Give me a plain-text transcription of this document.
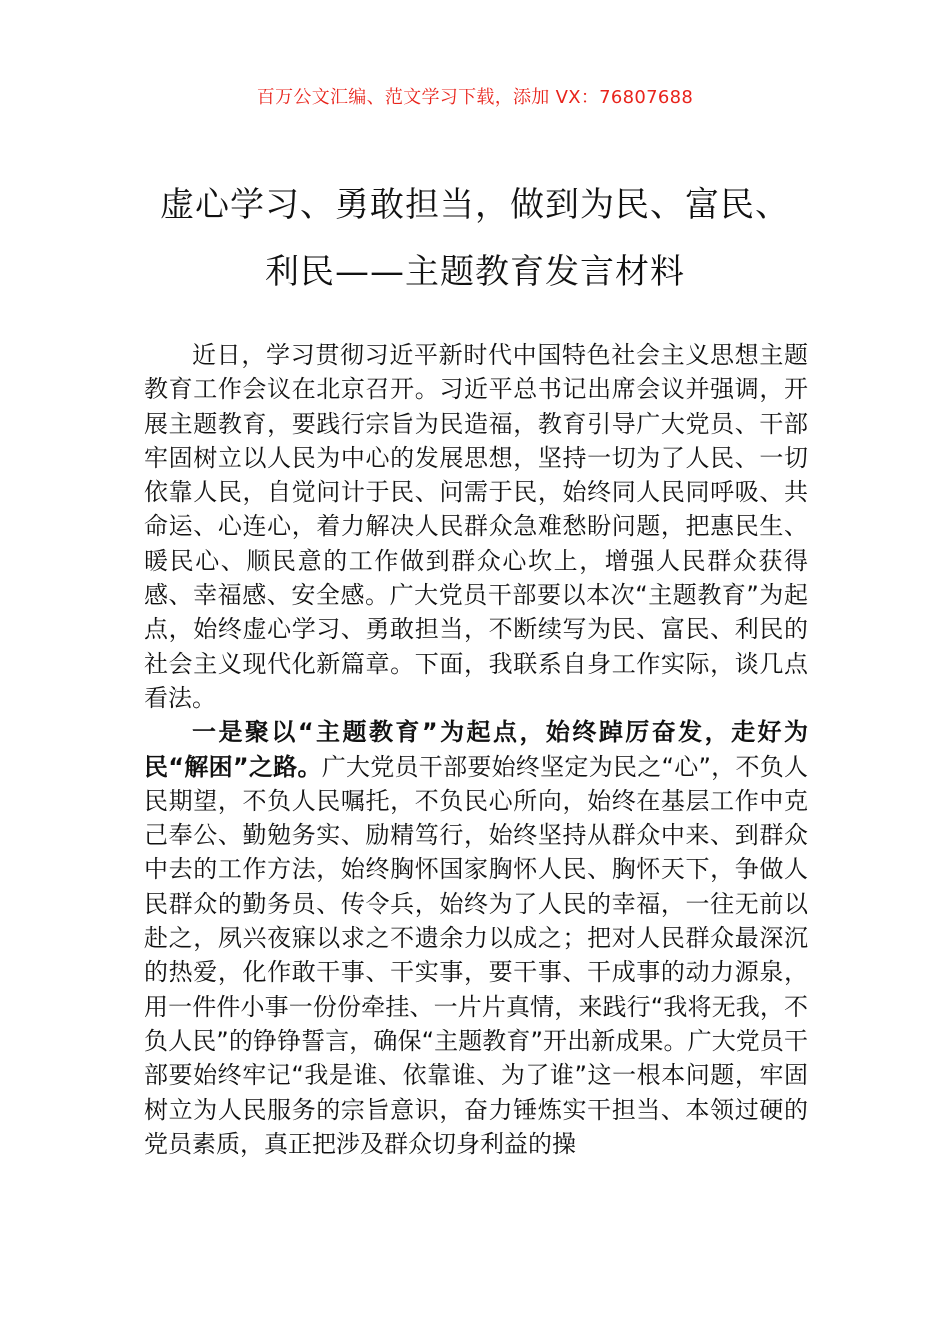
百万公文汇编、范文学习下载，添加 VX：76807688
虚心学习、勇敢担当，做到为民、富民、
利民——主题教育发言材料

近日，学习贯彻习近平新时代中国特色社会主义思想主题教育工作会议在北京召开。习近平总书记出席会议并强调，开展主题教育，要践行宗旨为民造福，教育引导广大党员、干部牢固树立以人民为中心的发展思想，坚持一切为了人民、一切依靠人民，自觉问计于民、问需于民，始终同人民同呼吸、共命运、心连心，着力解决人民群众急难愁盼问题，把惠民生、暖民心、顺民意的工作做到群众心坎上，增强人民群众获得感、幸福感、安全感。广大党员干部要以本次“主题教育”为起点，始终虚心学习、勇敢担当，不断续写为民、富民、利民的社会主义现代化新篇章。下面，我联系自身工作实际，谈几点看法。

一是聚以“主题教育”为起点，始终踔厉奋发，走好为民“解困”之路。广大党员干部要始终坚定为民之“心”，不负人民期望，不负人民嘱托，不负民心所向，始终在基层工作中克己奉公、勤勉务实、励精笃行，始终坚持从群众中来、到群众中去的工作方法，始终胸怀国家胸怀人民、胸怀天下，争做人民群众的勤务员、传令兵，始终为了人民的幸福，一往无前以赴之，夙兴夜寐以求之不遗余力以成之；把对人民群众最深沉的热爱，化作敢干事、干实事，要干事、干成事的动力源泉，用一件件小事一份份牵挂、一片片真情，来践行“我将无我，不负人民”的铮铮誓言，确保“主题教育”开出新成果。广大党员干部要始终牢记“我是谁、依靠谁、为了谁”这一根本问题，牢固树立为人民服务的宗旨意识，奋力锤炼实干担当、本领过硬的党员素质，真正把涉及群众切身利益的操
